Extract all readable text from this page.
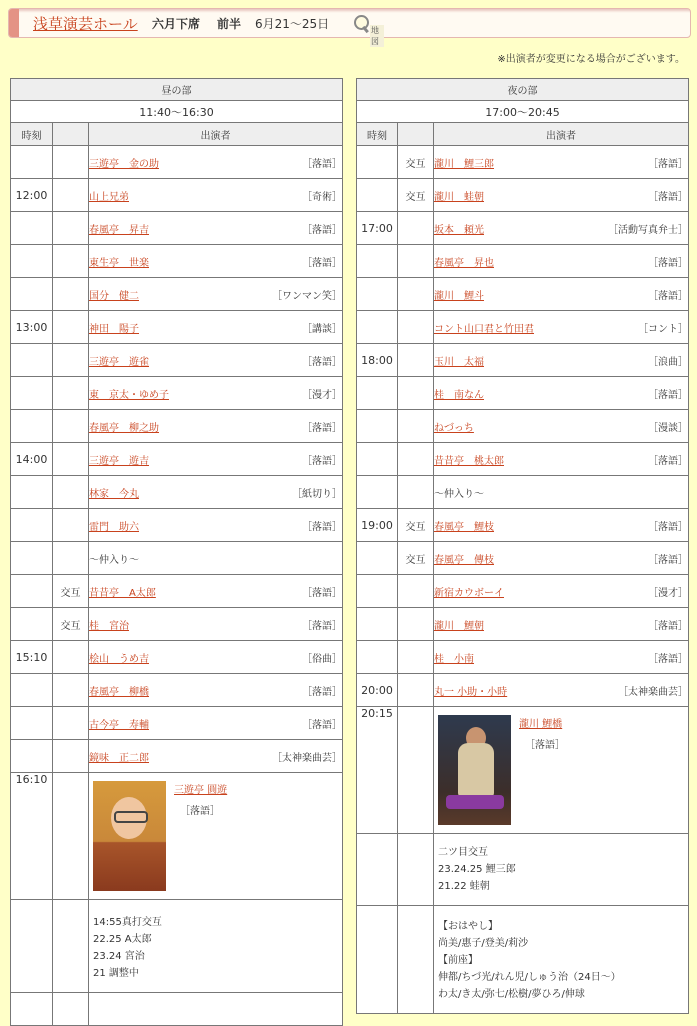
浅草演芸ホール 六月下席 前半 6月21〜25日	地図
※出演者が変更になる場合がございます。
昼の部		
11:40〜16:30		
時刻		出演者

		三遊亭　金の助 ［落語］

12:00		山上兄弟 ［奇術］

		春風亭　昇吉 ［落語］

		東生亭　世楽 ［落語］

		国分　健二 ［ワンマン笑］

13:00		神田　陽子 ［講談］

		三遊亭　遊雀 ［落語］

		東　京太・ゆめ子 ［漫才］

		春風亭　柳之助 ［落語］

14:00		三遊亭　遊吉 ［落語］

		林家　今丸 ［紙切り］

		雷門　助六 ［落語］

		〜仲入り〜
	交互	昔昔亭　A太郎 ［落語］

	交互	桂　宮治 ［落語］

15:10		桧山　うめ吉 ［俗曲］

		春風亭　柳橋 ［落語］

		古今亭　寿輔 ［落語］

		鏡味　正二郎 ［太神楽曲芸］

16:10		三遊亭 圓遊
［落語］

		14:55真打交互
22.25 A太郎
23.24 宮治
21 調整中

夜の部		
17:00〜20:45		
時刻		出演者
	交互	瀧川　鯉三郎 ［落語］

	交互	瀧川　蛙朝 ［落語］

17:00		坂本　頼光 ［活動写真弁士］

		春風亭　昇也 ［落語］

		瀧川　鯉斗 ［落語］

		コント山口君と竹田君 ［コント］

18:00		玉川　太福 ［浪曲］

		桂　南なん ［落語］

		ねづっち ［漫談］

		昔昔亭　桃太郎 ［落語］

		〜仲入り〜
19:00	交互	春風亭　鯉枝 ［落語］

	交互	春風亭　傳枝 ［落語］

		新宿カウボーイ ［漫才］

		瀧川　鯉朝 ［落語］

		桂　小南 ［落語］

20:00		丸一 小助・小時 ［太神楽曲芸］

20:15		瀧川 鯉橋
［落語］

		二ツ目交互
23.24.25 鯉三郎
21.22 蛙朝

		【おはやし】
尚美/惠子/登美/莉沙
【前座】
伸都/ちづ光/れん児/しゅう治（24日〜）
わ太/き太/弥七/松樹/夢ひろ/伸球
